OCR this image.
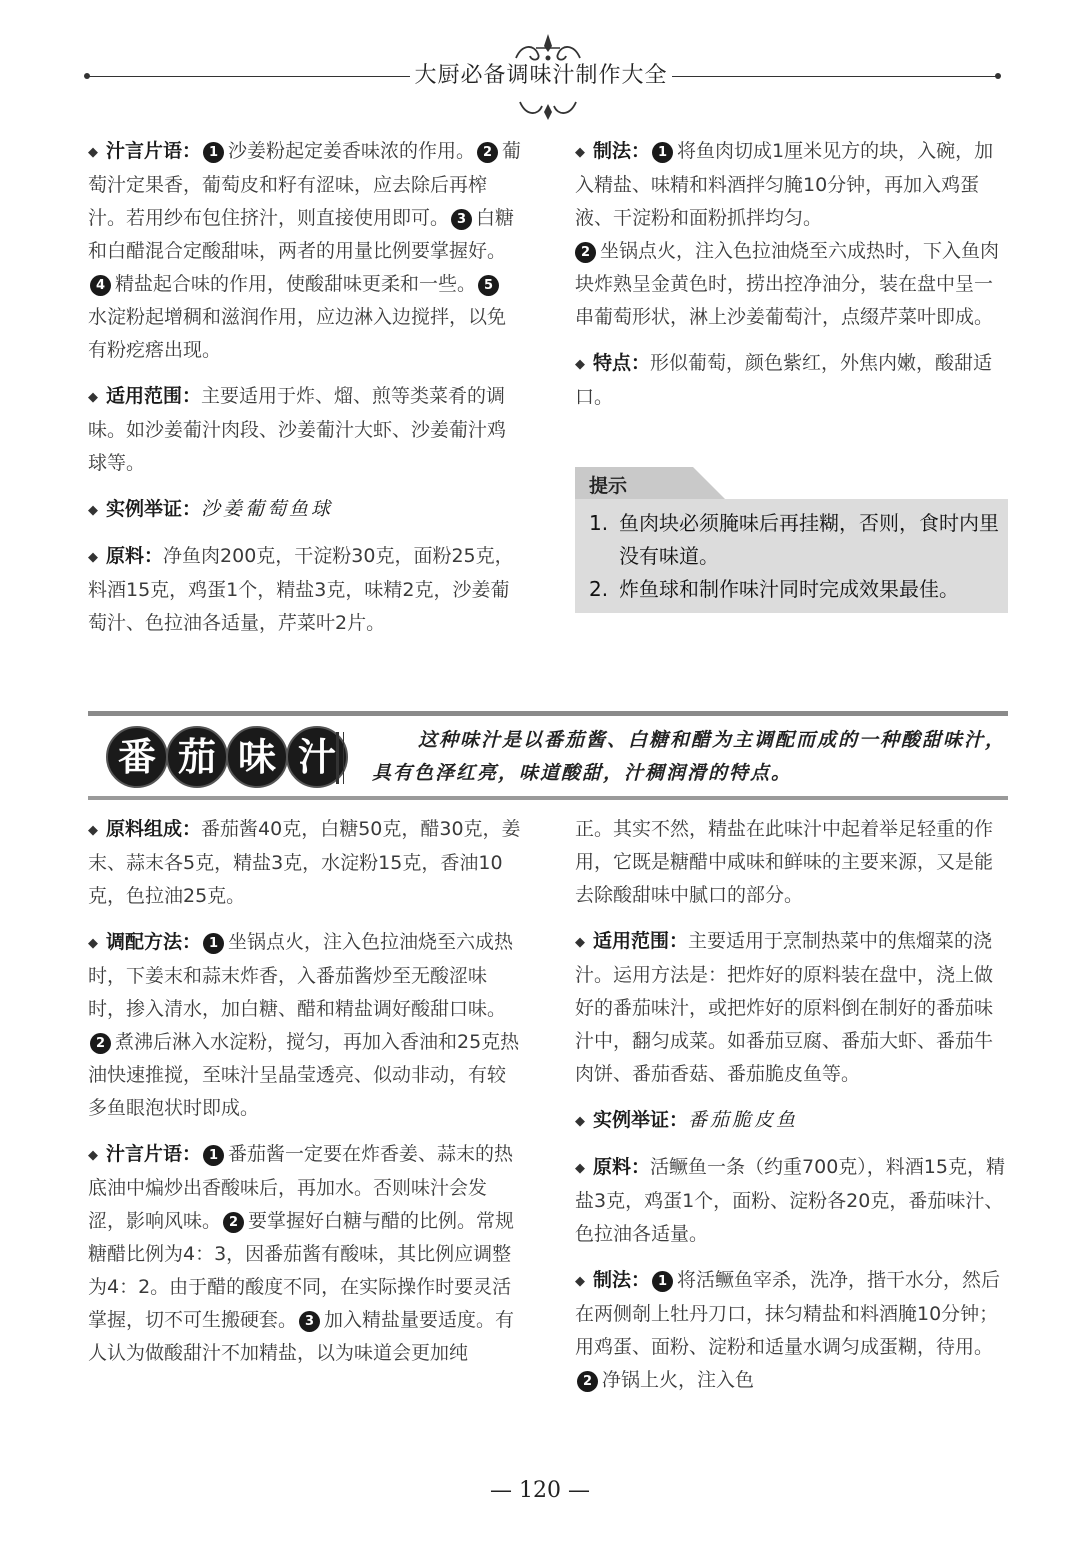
大厨必备调味汁制作大全

◆ 汁言片语： 1 沙姜粉起定姜香味浓的作用。 2 葡萄汁定果香，葡萄皮和籽有涩味，应去除后再榨汁。若用纱布包住挤汁，则直接使用即可。 3 白糖和白醋混合定酸甜味，两者的用量比例要掌握好。4 精盐起合味的作用，使酸甜味更柔和一些。 5水淀粉起增稠和滋润作用，应边淋入边搅拌，以免有粉疙瘩出现。

◆ 适用范围：主要适用于炸、熘、煎等类菜肴的调味。如沙姜葡汁肉段、沙姜葡汁大虾、沙姜葡汁鸡球等。

◆ 实例举证：沙姜葡萄鱼球

◆ 原料：净鱼肉200克，干淀粉30克，面粉25克，料酒15克，鸡蛋1个，精盐3克，味精2克，沙姜葡萄汁、色拉油各适量，芹菜叶2片。

◆ 制法： 1 将鱼肉切成1厘米见方的块，入碗，加入精盐、味精和料酒拌匀腌10分钟，再加入鸡蛋液、干淀粉和面粉抓拌均匀。
2 坐锅点火，注入色拉油烧至六成热时，下入鱼肉块炸熟呈金黄色时，捞出控净油分，装在盘中呈一串葡萄形状，淋上沙姜葡萄汁，点缀芹菜叶即成。

◆ 特点：形似葡萄，颜色紫红，外焦内嫩，酸甜适口。

提示
1. 鱼肉块必须腌味后再挂糊，否则，食时内里没有味道。
2. 炸鱼球和制作味汁同时完成效果最佳。
番 茄 味 汁	这种味汁是以番茄酱、白糖和醋为主调配而成的一种酸甜味汁，具有色泽红亮，味道酸甜，汁稠润滑的特点。

◆ 原料组成：番茄酱40克，白糖50克，醋30克，姜末、蒜末各5克，精盐3克，水淀粉15克，香油10克，色拉油25克。

◆ 调配方法： 1 坐锅点火，注入色拉油烧至六成热时，下姜末和蒜末炸香，入番茄酱炒至无酸涩味时，掺入清水，加白糖、醋和精盐调好酸甜口味。2 煮沸后淋入水淀粉，搅匀，再加入香油和25克热油快速推搅，至味汁呈晶莹透亮、似动非动，有较多鱼眼泡状时即成。

◆ 汁言片语： 1 番茄酱一定要在炸香姜、蒜末的热底油中煸炒出香酸味后，再加水。否则味汁会发涩，影响风味。 2 要掌握好白糖与醋的比例。常规糖醋比例为4：3，因番茄酱有酸味，其比例应调整为4：2。由于醋的酸度不同，在实际操作时要灵活掌握，切不可生搬硬套。 3 加入精盐量要适度。有人认为做酸甜汁不加精盐，以为味道会更加纯

正。其实不然，精盐在此味汁中起着举足轻重的作用，它既是糖醋中咸味和鲜味的主要来源，又是能去除酸甜味中腻口的部分。

◆ 适用范围：主要适用于烹制热菜中的焦熘菜的浇汁。运用方法是：把炸好的原料装在盘中，浇上做好的番茄味汁，或把炸好的原料倒在制好的番茄味汁中，翻匀成菜。如番茄豆腐、番茄大虾、番茄牛肉饼、番茄香菇、番茄脆皮鱼等。

◆ 实例举证：番茄脆皮鱼

◆ 原料：活鳜鱼一条（约重700克），料酒15克，精盐3克，鸡蛋1个，面粉、淀粉各20克，番茄味汁、色拉油各适量。

◆ 制法： 1 将活鳜鱼宰杀，洗净，揩干水分，然后在两侧剞上牡丹刀口，抹匀精盐和料酒腌10分钟；用鸡蛋、面粉、淀粉和适量水调匀成蛋糊，待用。2 净锅上火，注入色

— 120 —
